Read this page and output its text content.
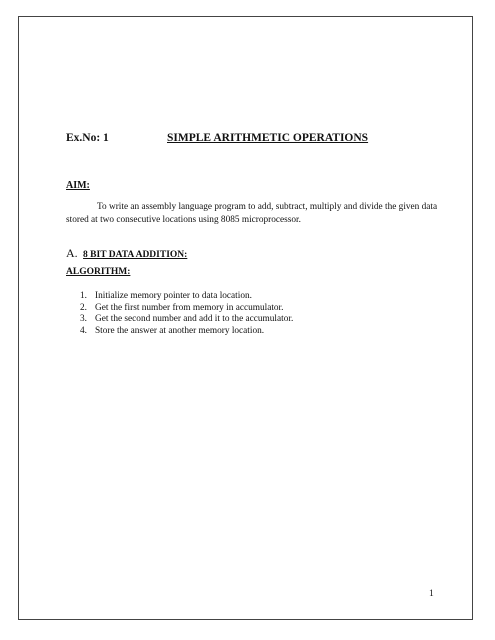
Ex.No: 1	SIMPLE ARITHMETIC OPERATIONS
AIM:
To write an assembly language program to add, subtract, multiply and divide the given data stored at two consecutive locations using 8085 microprocessor.
A. 8 BIT DATA ADDITION:
ALGORITHM:
1. Initialize memory pointer to data location.
2. Get the first number from memory in accumulator.
3. Get the second number and add it to the accumulator.
4. Store the answer at another memory location.
1
